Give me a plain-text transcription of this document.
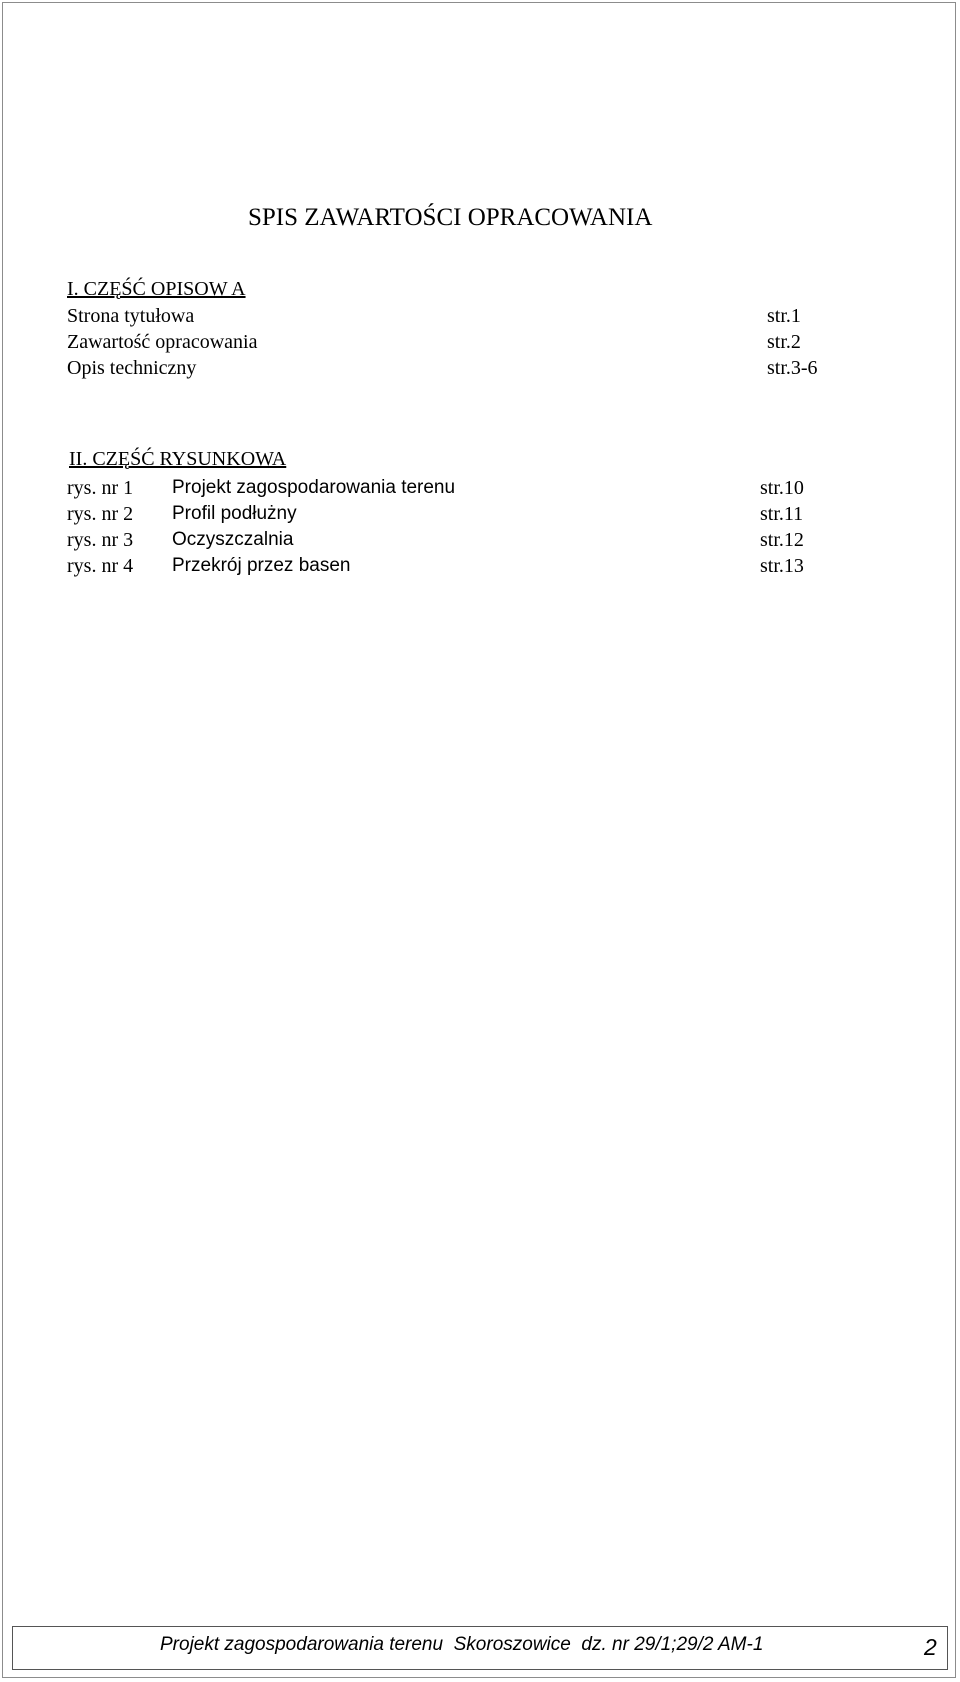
SPIS ZAWARTOŚCI OPRACOWANIA
I. CZĘŚĆ OPISOW A
Strona tytułowa	str.1
Zawartość opracowania	str.2
Opis techniczny	str.3-6
II. CZĘŚĆ RYSUNKOWA
rys. nr 1 Projekt zagospodarowania terenu	str.10
rys. nr 2 Profil podłużny	str.11
rys. nr 3 Oczyszczalnia	str.12
rys. nr 4 Przekrój przez basen	str.13
Projekt zagospodarowania terenu  Skoroszowice  dz. nr 29/1;29/2 AM-1	2
